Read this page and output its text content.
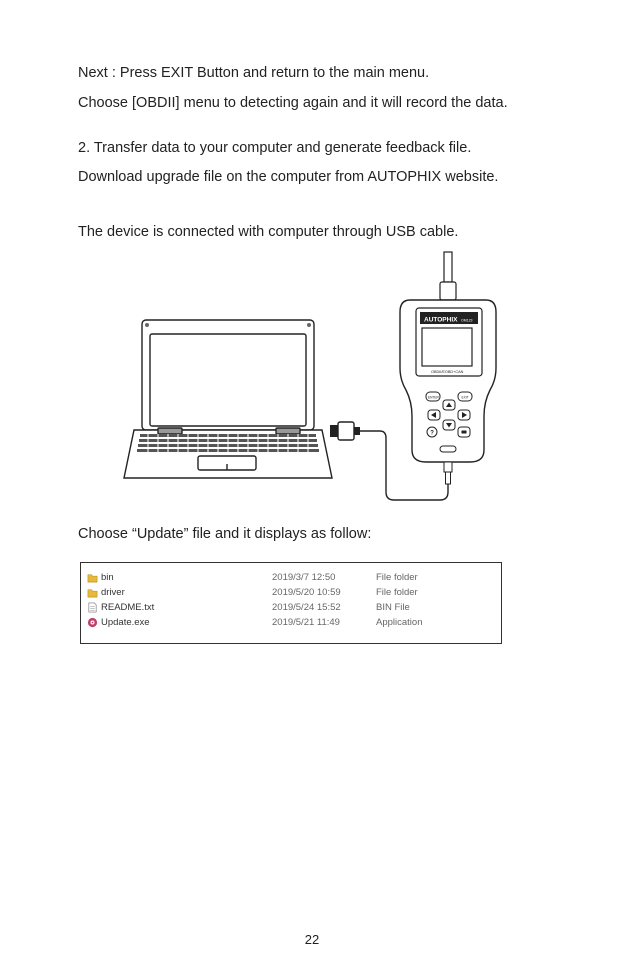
Next : Press EXIT Button and return to the main menu.

Choose [OBDII] menu to detecting again and it will record the data.

2. Transfer data to your computer and generate feedback file.

Download upgrade file on the computer from AUTOPHIX website.

The device is connected with computer through USB cable.

AUTOPHIX OM123
OBDII/EOBD+CAN
ENTER	EXIT
?

Choose “Update” file and it displays as follow:

bin	2019/3/7 12:50	File folder
driver	2019/5/20 10:59	File folder
README.txt	2019/5/24 15:52	BIN File
Update.exe	2019/5/21 11:49	Application
22
